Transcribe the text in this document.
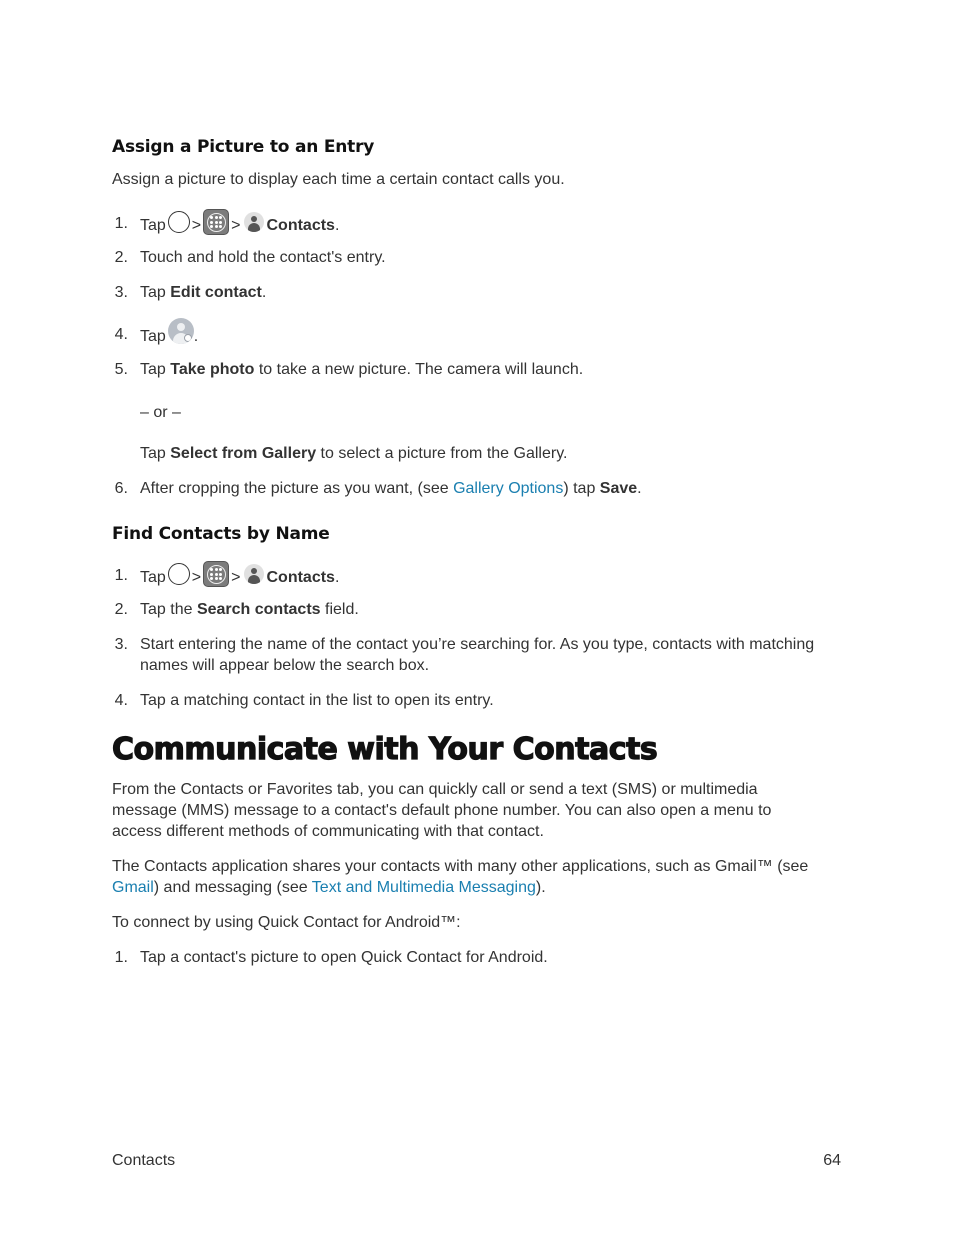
Assign a Picture to an Entry
Assign a picture to display each time a certain contact calls you.
1. Tap > > Contacts.
2. Touch and hold the contact's entry.
3. Tap Edit contact.
4. Tap .
5. Tap Take photo to take a new picture. The camera will launch.
– or –
Tap Select from Gallery to select a picture from the Gallery.
6. After cropping the picture as you want, (see Gallery Options) tap Save.
Find Contacts by Name
1. Tap > > Contacts.
2. Tap the Search contacts field.
3. Start entering the name of the contact you’re searching for. As you type, contacts with matching
names will appear below the search box.
4. Tap a matching contact in the list to open its entry.
Communicate with Your Contacts
From the Contacts or Favorites tab, you can quickly call or send a text (SMS) or multimedia
message (MMS) message to a contact's default phone number. You can also open a menu to
access different methods of communicating with that contact.
The Contacts application shares your contacts with many other applications, such as Gmail™ (see
Gmail) and messaging (see Text and Multimedia Messaging).
To connect by using Quick Contact for Android™:
1. Tap a contact's picture to open Quick Contact for Android.
Contacts	64
